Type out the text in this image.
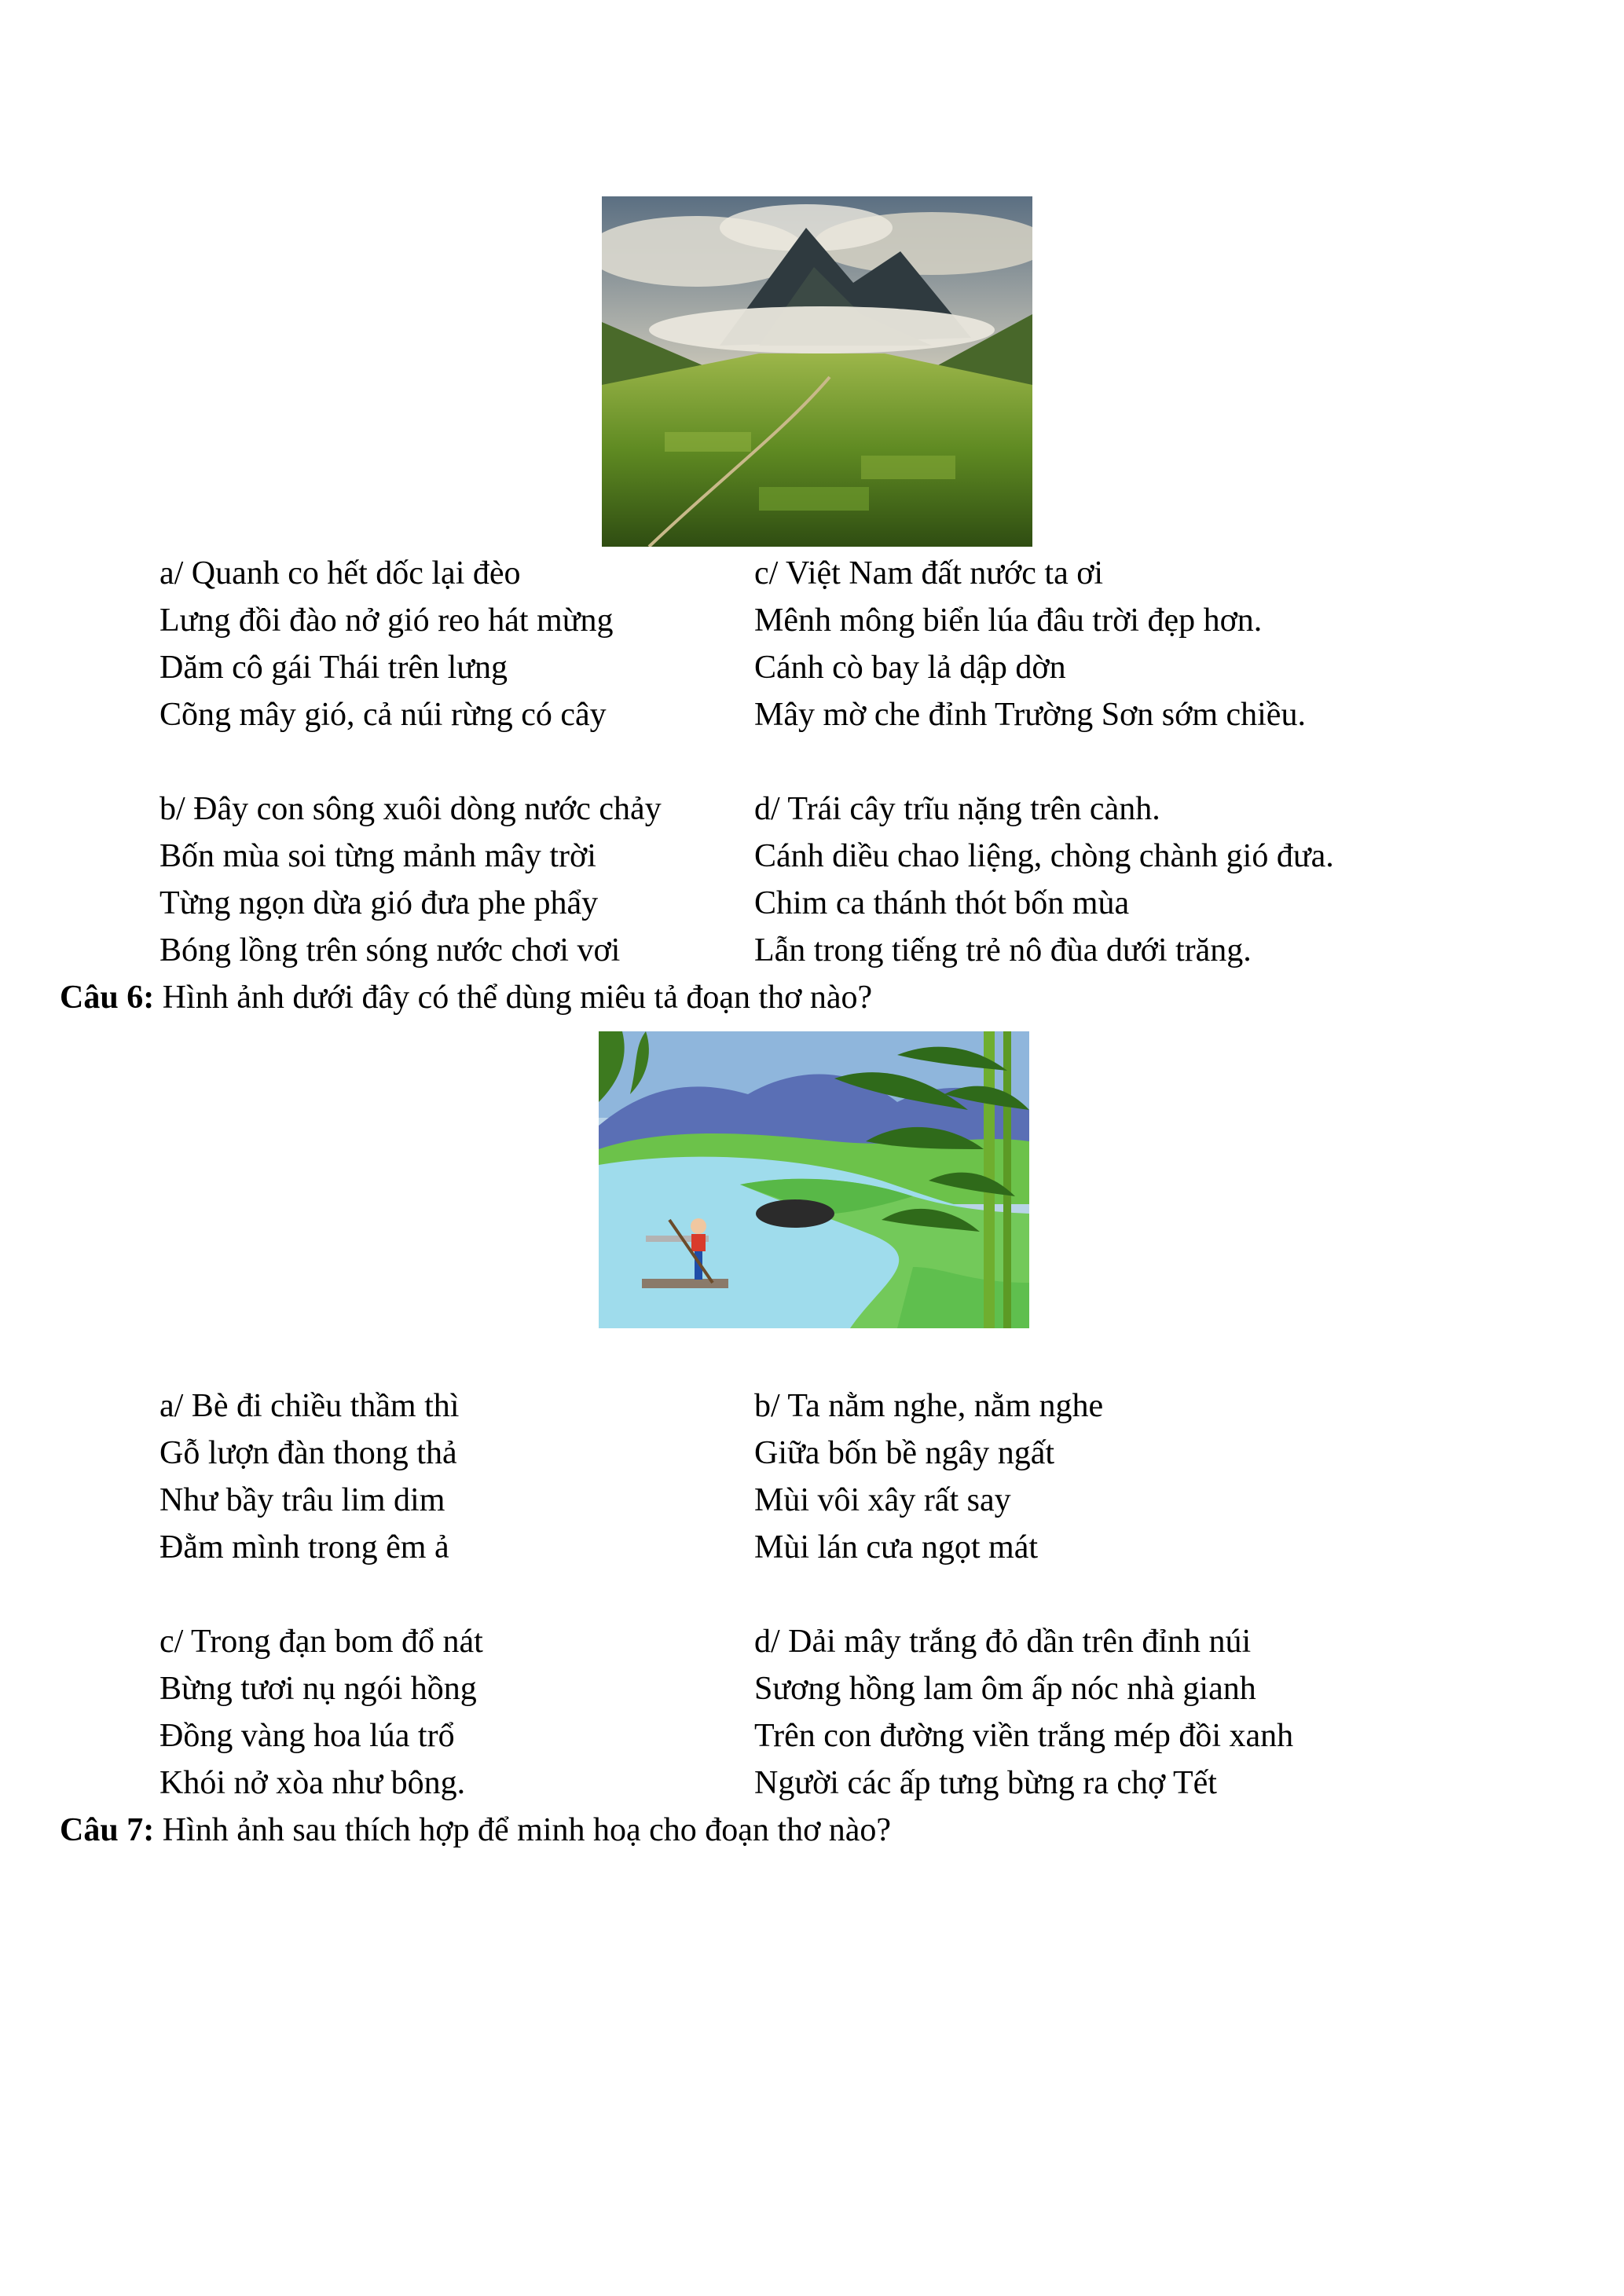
a/ Quanh co hết dốc lại đèo
Lưng đồi đào nở gió reo hát mừng
Dăm cô gái Thái trên lưng
Cõng mây gió, cả núi rừng có cây
c/ Việt Nam đất nước ta ơi
Mênh mông biển lúa đâu trời đẹp hơn.
Cánh cò bay lả dập dờn
Mây mờ che đỉnh Trường Sơn sớm chiều.
b/ Đây con sông xuôi dòng nước chảy
Bốn mùa soi từng mảnh mây trời
Từng ngọn dừa gió đưa phe phẩy
Bóng lồng trên sóng nước chơi vơi
d/ Trái cây trĩu nặng trên cành.
Cánh diều chao liệng, chòng chành gió đưa.
Chim ca thánh thót bốn mùa
Lẫn trong tiếng trẻ nô đùa dưới trăng.
Câu 6: Hình ảnh dưới đây có thể dùng miêu tả đoạn thơ nào?
a/ Bè đi chiều thầm thì
Gỗ lượn đàn thong thả
Như bầy trâu lim dim
Đằm mình trong êm ả
b/ Ta nằm nghe, nằm nghe
Giữa bốn bề ngây ngất
Mùi vôi xây rất say
Mùi lán cưa ngọt mát
c/ Trong đạn bom đổ nát
Bừng tươi nụ ngói hồng
Đồng vàng hoa lúa trổ
Khói nở xòa như bông.
d/ Dải mây trắng đỏ dần trên đỉnh núi
Sương hồng lam ôm ấp nóc nhà gianh
Trên con đường viền trắng mép đồi xanh
Người các ấp tưng bừng ra chợ Tết
Câu 7: Hình ảnh sau thích hợp để minh hoạ cho đoạn thơ nào?
